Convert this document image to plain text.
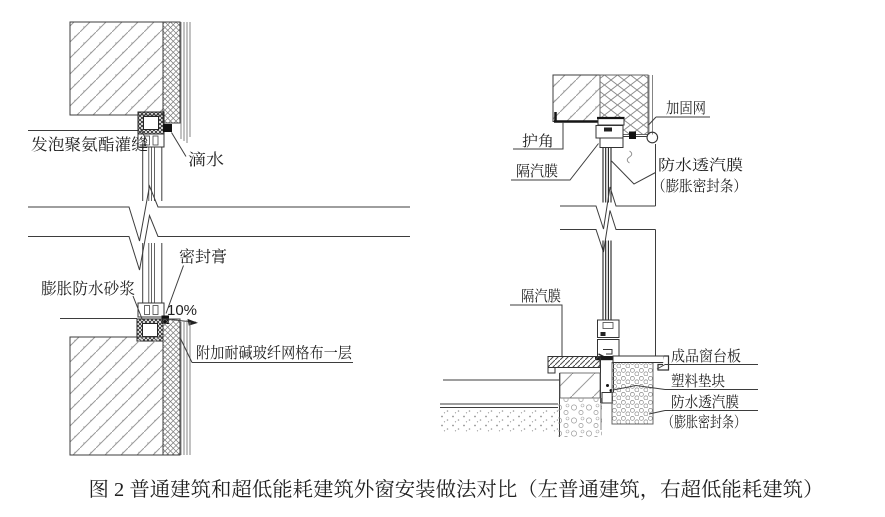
发泡聚氨酯灌缝
滴水
密封膏
膨胀防水砂浆
10%
附加耐碱玻纤网格布一层
加固网
护角
隔汽膜	防水透汽膜
（膨胀密封条）
隔汽膜
成品窗台板
塑料垫块
防水透汽膜
（膨胀密封条）
图 2 普通建筑和超低能耗建筑外窗安装做法对比（左普通建筑，右超低能耗建筑）
